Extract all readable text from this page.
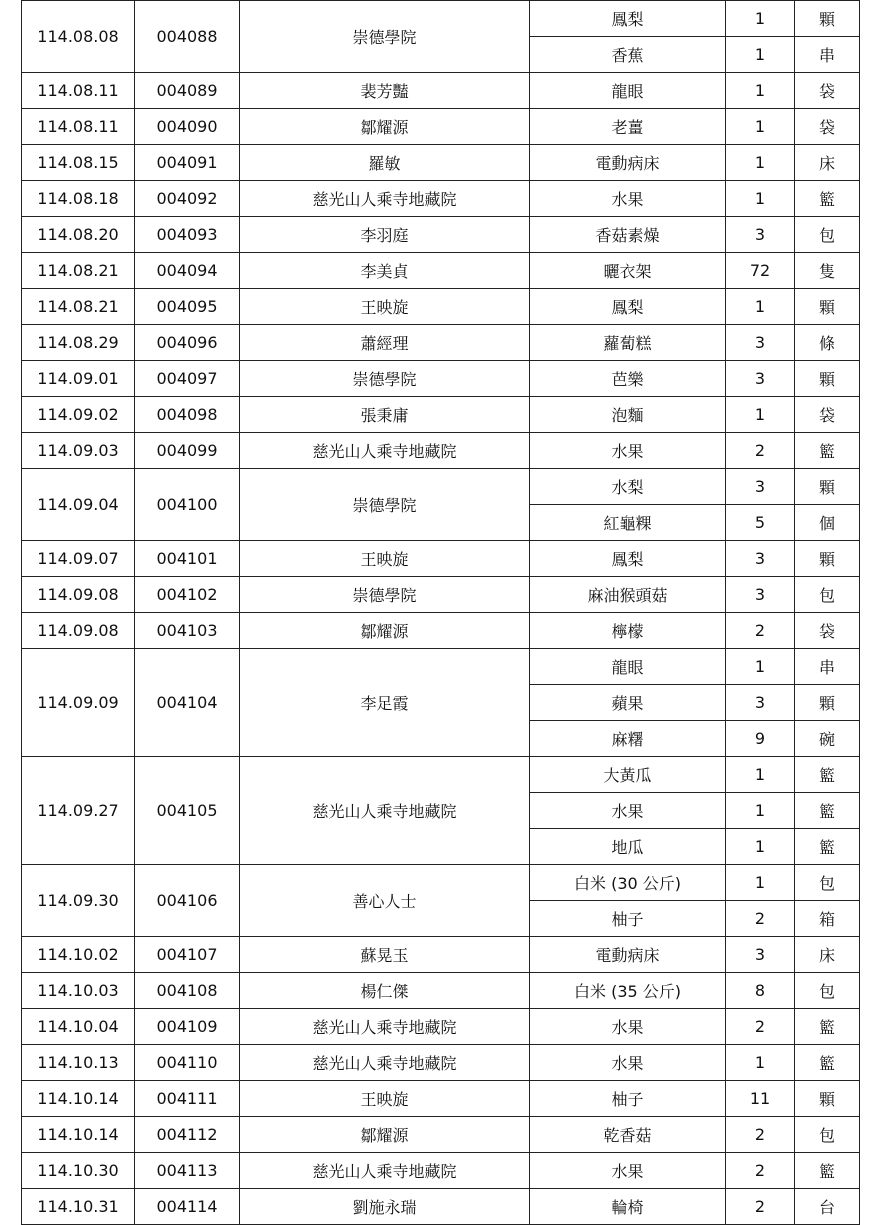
114.08.08	004088	崇德學院	鳳梨	1	顆
			香蕉	1	串
114.08.11	004089	裴芳豔	龍眼	1	袋
114.08.11	004090	鄒耀源	老薑	1	袋
114.08.15	004091	羅敏	電動病床	1	床
114.08.18	004092	慈光山人乘寺地藏院	水果	1	籃
114.08.20	004093	李羽庭	香菇素燥	3	包
114.08.21	004094	李美貞	曬衣架	72	隻
114.08.21	004095	王映旋	鳳梨	1	顆
114.08.29	004096	蕭經理	蘿蔔糕	3	條
114.09.01	004097	崇德學院	芭樂	3	顆
114.09.02	004098	張秉庸	泡麵	1	袋
114.09.03	004099	慈光山人乘寺地藏院	水果	2	籃
114.09.04	004100	崇德學院	水梨	3	顆
			紅龜粿	5	個
114.09.07	004101	王映旋	鳳梨	3	顆
114.09.08	004102	崇德學院	麻油猴頭菇	3	包
114.09.08	004103	鄒耀源	檸檬	2	袋
114.09.09	004104	李足霞	龍眼	1	串
			蘋果	3	顆
			麻糬	9	碗
114.09.27	004105	慈光山人乘寺地藏院	大黃瓜	1	籃
			水果	1	籃
			地瓜	1	籃
114.09.30	004106	善心人士	白米 (30 公斤)	1	包
			柚子	2	箱
114.10.02	004107	蘇晃玉	電動病床	3	床
114.10.03	004108	楊仁傑	白米 (35 公斤)	8	包
114.10.04	004109	慈光山人乘寺地藏院	水果	2	籃
114.10.13	004110	慈光山人乘寺地藏院	水果	1	籃
114.10.14	004111	王映旋	柚子	11	顆
114.10.14	004112	鄒耀源	乾香菇	2	包
114.10.30	004113	慈光山人乘寺地藏院	水果	2	籃
114.10.31	004114	劉施永瑞	輪椅	2	台
